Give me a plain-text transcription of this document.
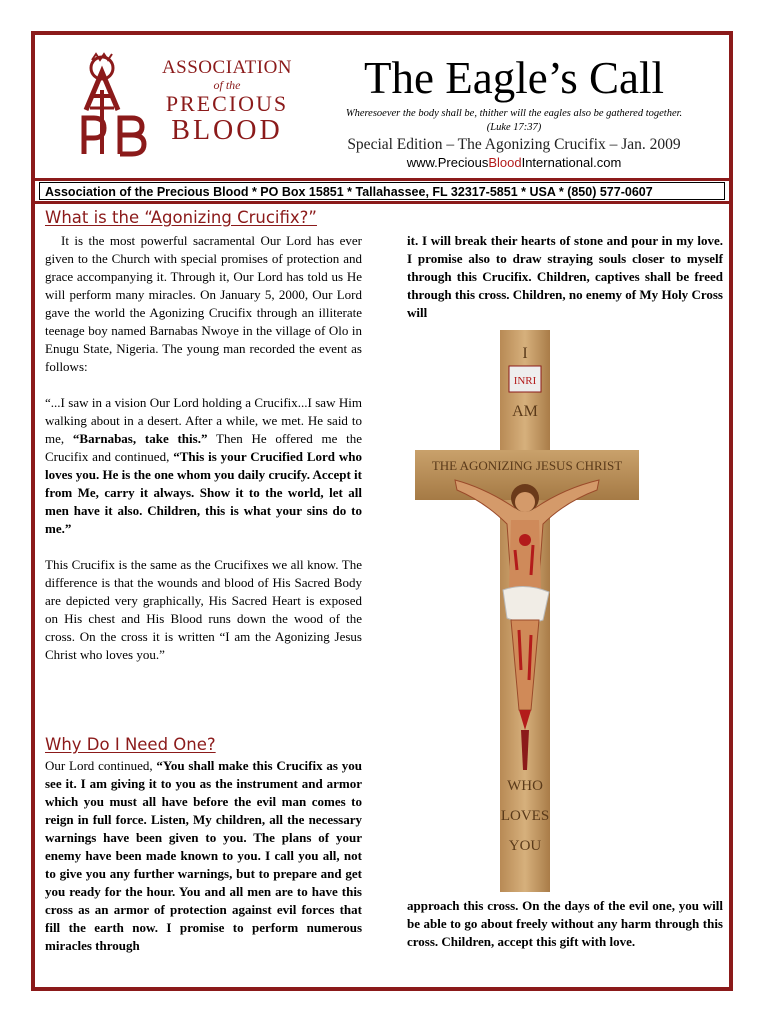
ASSOCIATION
of the
PRECIOUS
BLOOD
The Eagle’s Call
Wheresoever the body shall be, thither will the eagles also be gathered together.
(Luke 17:37)
Special Edition – The Agonizing Crucifix – Jan. 2009
www.PreciousBloodInternational.com
Association of the Precious Blood * PO Box 15851 * Tallahassee, FL 32317-5851 * USA * (850) 577-0607
What is the “Agonizing Crucifix?”

It is the most powerful sacramental Our Lord has ever given to the Church with special promises of protection and grace accompanying it. Through it, Our Lord has told us He will perform many miracles. On January 5, 2000, Our Lord gave the world the Agonizing Crucifix through an illiterate teenage boy named Barnabas Nwoye in the village of Olo in Enugu State, Nigeria. The young man recorded the event as follows:

“...I saw in a vision Our Lord holding a Crucifix...I saw Him walking about in a desert. After a while, we met. He said to me, “Barnabas, take this.” Then He offered me the Crucifix and continued, “This is your Crucified Lord who loves you. He is the one whom you daily crucify. Accept it from Me, carry it always. Show it to the world, let all men have it also. Children, this is what your sins do to me.”

This Crucifix is the same as the Crucifixes we all know. The difference is that the wounds and blood of His Sacred Body are depicted very graphically, His Sacred Heart is exposed on His chest and His Blood runs down the wood of the cross. On the cross it is written “I am the Agonizing Jesus Christ who loves you.”

Why Do I Need One?

Our Lord continued, “You shall make this Crucifix as you see it. I am giving it to you as the instrument and armor which you must all have before the evil man comes to reign in full force. Listen, My children, all the necessary warnings have been given to you. The plans of your enemy have been made known to you. I call you all, not to give you any further warnings, but to prepare and get you ready for the hour. You and all men are to have this cross as an armor of protection against evil forces that fill the earth now. I promise to perform numerous miracles through

it. I will break their hearts of stone and pour in my love. I promise also to draw straying souls closer to myself through this Crucifix. Children, captives shall be freed through this cross. Children, no enemy of My Holy Cross will

approach this cross. On the days of the evil one, you will be able to go about freely without any harm through this cross. Children, accept this gift with love.

INRI
I
AM
THE AGONIZING JESUS CHRIST
WHO
LOVES
YOU
